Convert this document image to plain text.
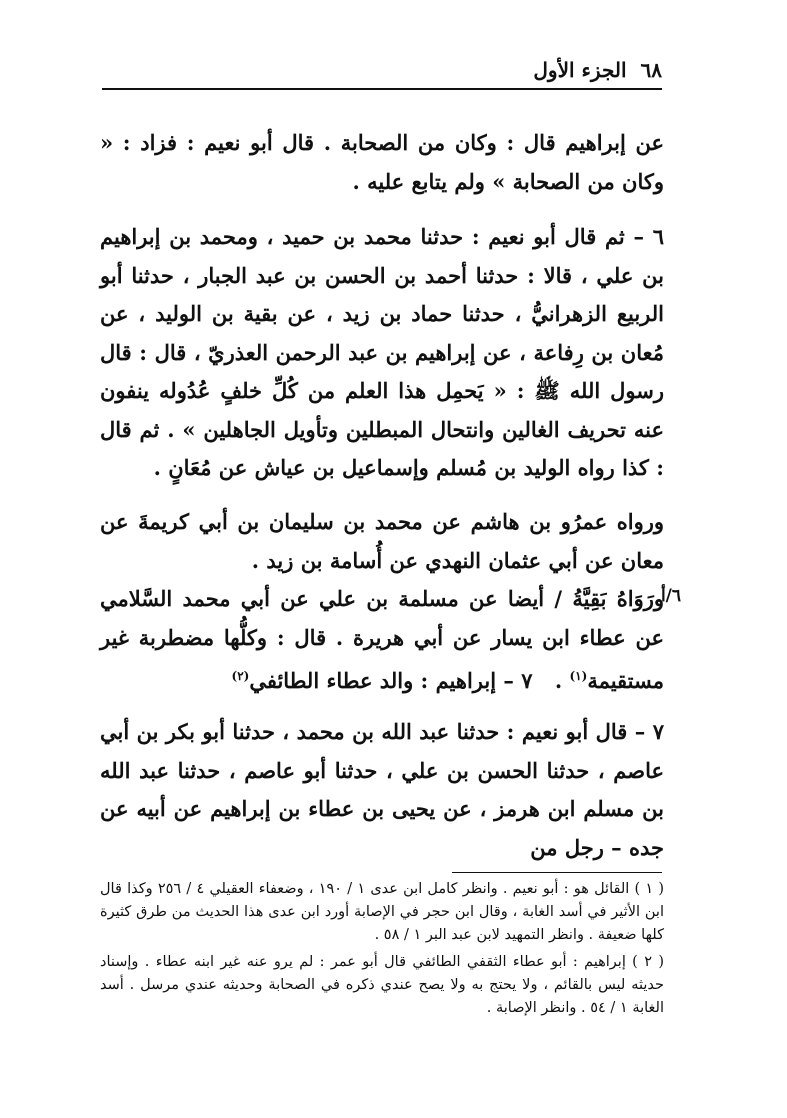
٦٨
الجزء الأول
عن إبراهيم قال : وكان من الصحابة . قال أبو نعيم : فزاد : « وكان من الصحابة » ولم يتابع عليه .
٦ – ثم قال أبو نعيم : حدثنا محمد بن حميد ، ومحمد بن إبراهيم بن علي ، قالا : حدثنا أحمد بن الحسن بن عبد الجبار ، حدثنا أبو الربيع الزهرانيُّ ، حدثنا حماد بن زيد ، عن بقية بن الوليد ، عن مُعان بن رِفاعة ، عن إبراهيم بن عبد الرحمن العذريّ ، قال : قال رسول الله ﷺ : « يَحمِل هذا العلم من كُلِّ خلفٍ عُدُوله ينفون عنه تحريف الغالين وانتحال المبطلين وتأويل الجاهلين » . ثم قال : كذا رواه الوليد بن مُسلم وإسماعيل بن عياش عن مُعَانٍ .
ورواه عمرُو بن هاشم عن محمد بن سليمان بن أبي كريمةَ عن معان عن أبي عثمان النهدي عن أُسامة بن زيد .
٦/أ
ورَوَاهُ بَقِيَّةُ / أيضا عن مسلمة بن علي عن أبي محمد السَّلامي عن عطاء ابن يسار عن أبي هريرة . قال : وكلُّها مضطربة غير مستقيمة$^{(١)}$ .
٧ – إبراهيم : والد عطاء الطائفي$^{(٢)}$
٧ – قال أبو نعيم : حدثنا عبد الله بن محمد ، حدثنا أبو بكر بن أبي عاصم ، حدثنا الحسن بن علي ، حدثنا أبو عاصم ، حدثنا عبد الله بن مسلم ابن هرمز ، عن يحيى بن عطاء بن إبراهيم عن أبيه عن جده – رجل من

( ١ ) القائل هو : أبو نعيم . وانظر كامل ابن عدى ١ / ١٩٠ ، وضعفاء العقيلي ٤ / ٢٥٦ وكذا قال ابن الأثير في أسد الغابة ، وقال ابن حجر في الإصابة أورد ابن عدى هذا الحديث من طرق كثيرة كلها ضعيفة . وانظر التمهيد لابن عبد البر ١ / ٥٨ .

( ٢ ) إبراهيم : أبو عطاء الثقفي الطائفي قال أبو عمر : لم يرو عنه غير ابنه عطاء . وإسناد حديثه ليس بالقائم ، ولا يحتج به ولا يصح عندي ذكره في الصحابة وحديثه عندي مرسل . أسد الغابة ١ / ٥٤ . وانظر الإصابة .
